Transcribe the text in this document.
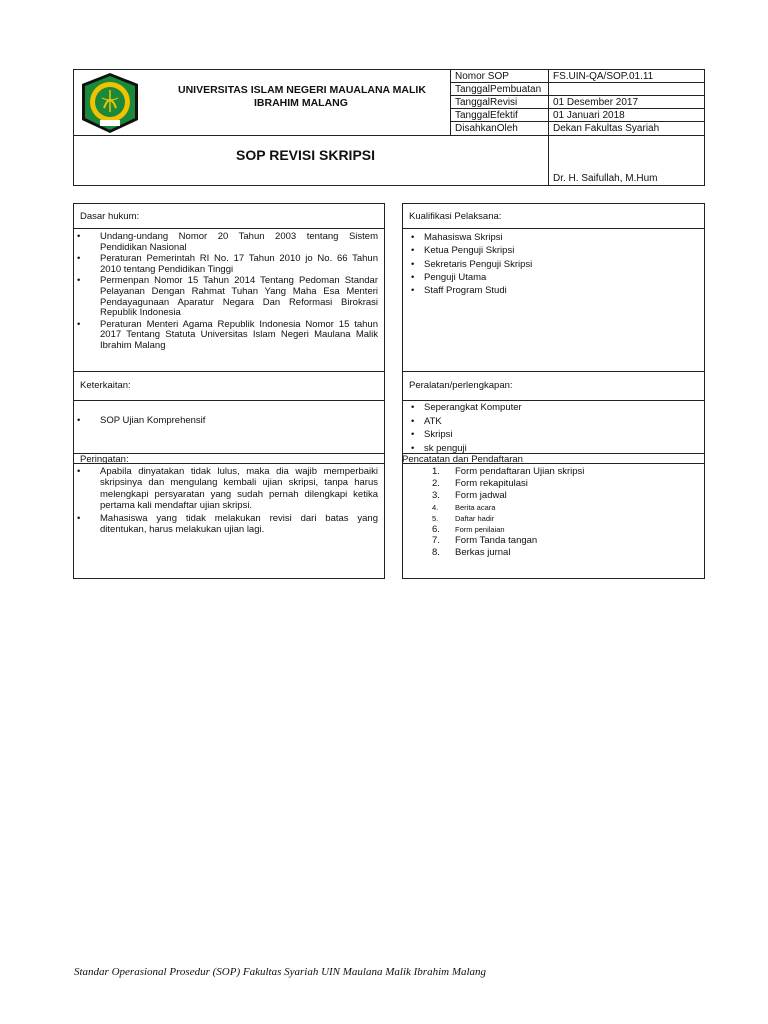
UNIVERSITAS ISLAM NEGERI MAUALANA MALIK
IBRAHIM MALANG
SOP REVISI SKRIPSI
Nomor SOP	FS.UIN-QA/SOP.01.11
TanggalPembuatan
TanggalRevisi	01 Desember 2017
TanggalEfektif	01 Januari 2018
DisahkanOleh	Dekan Fakultas Syariah
Dr. H. Saifullah, M.Hum
Dasar hukum:
• Undang-undang Nomor 20 Tahun 2003 tentang Sistem Pendidikan Nasional
• Peraturan Pemerintah RI No. 17 Tahun 2010 jo No. 66 Tahun 2010 tentang Pendidikan Tinggi
• Permenpan Nomor 15 Tahun 2014 Tentang Pedoman Standar Pelayanan Dengan Rahmat Tuhan Yang Maha Esa Menteri Pendayagunaan Aparatur Negara Dan Reformasi Birokrasi Republik Indonesia
• Peraturan Menteri Agama Republik Indonesia Nomor 15 tahun 2017 Tentang Statuta Universitas Islam Negeri Maulana Malik Ibrahim Malang
Keterkaitan:
• SOP Ujian Komprehensif
Peringatan:
• Apabila dinyatakan tidak lulus, maka dia wajib memperbaiki skripsinya dan mengulang kembali ujian skripsi, tanpa harus melengkapi persyaratan yang sudah pernah dilengkapi ketika pertama kali mendaftar ujian skripsi.
• Mahasiswa yang tidak melakukan revisi dari batas yang ditentukan, harus melakukan ujian lagi.
Kualifikasi Pelaksana:
• Mahasiswa Skripsi
• Ketua Penguji Skripsi
• Sekretaris Penguji Skripsi
• Penguji Utama
• Staff Program Studi
Peralatan/perlengkapan:
• Seperangkat Komputer
• ATK
• Skripsi
• sk penguji
Pencatatan dan Pendaftaran
1. Form pendaftaran Ujian skripsi
2. Form rekapitulasi
3. Form jadwal
4. Berita acara
5. Daftar hadir
6. Form penilaian
7. Form Tanda tangan
8. Berkas jurnal
Standar Operasional Prosedur (SOP) Fakultas Syariah UIN Maulana Malik Ibrahim Malang
